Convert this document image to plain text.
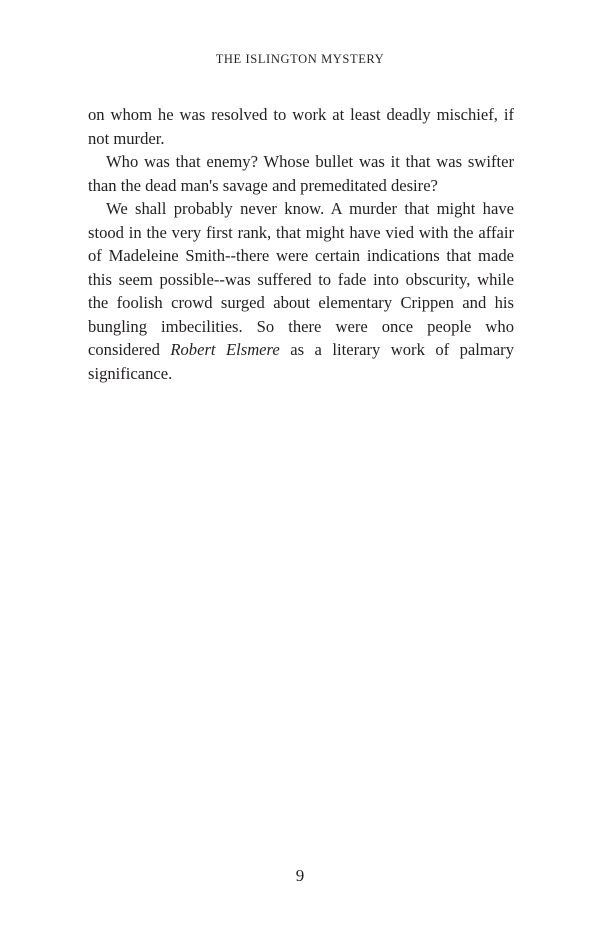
THE ISLINGTON MYSTERY

on whom he was resolved to work at least deadly mischief, if not murder.

Who was that enemy? Whose bullet was it that was swifter than the dead man's savage and premeditated desire?

We shall probably never know. A murder that might have stood in the very first rank, that might have vied with the affair of Madeleine Smith--there were certain indications that made this seem possible--was suffered to fade into obscurity, while the foolish crowd surged about elementary Crippen and his bungling imbecilities. So there were once people who considered Robert Elsmere as a literary work of palmary significance.

9
